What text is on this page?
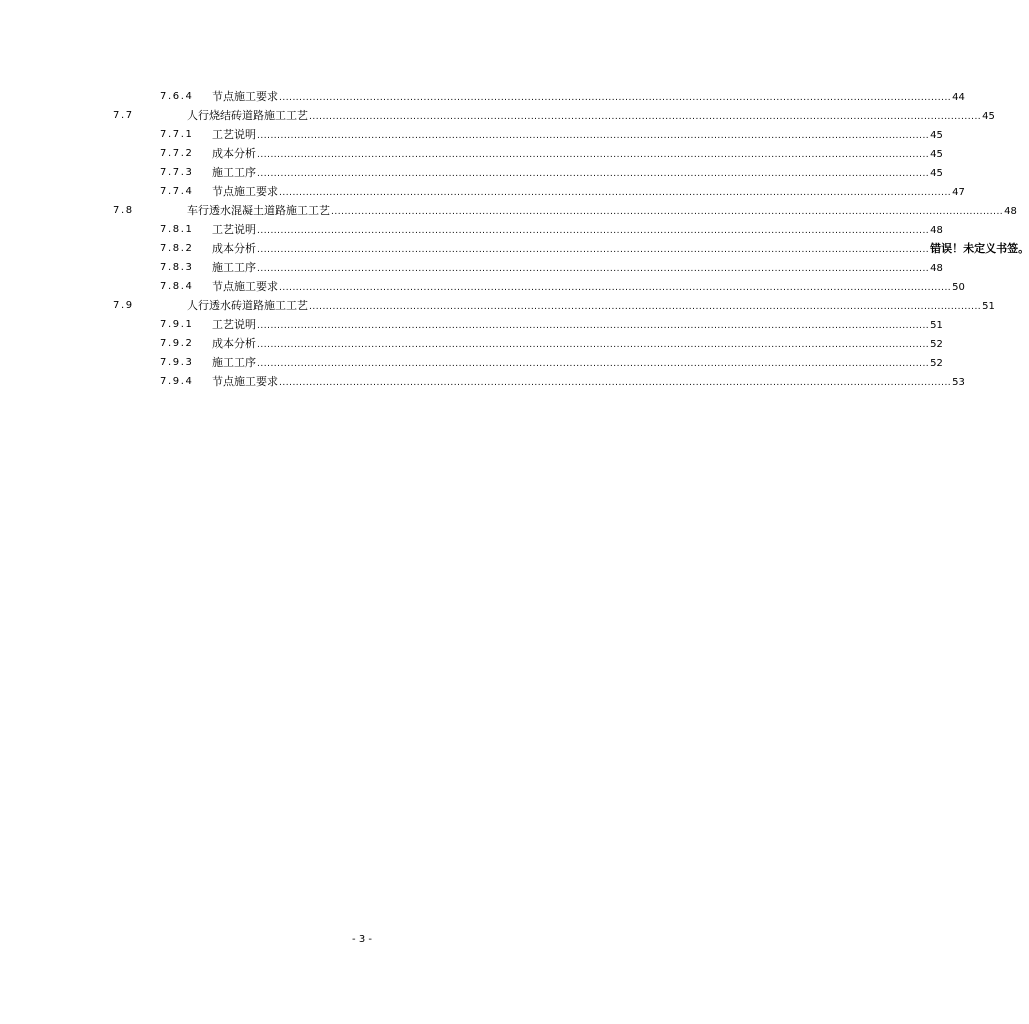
7.6.4 节点施工要求 ........................................................................................................................................................................................................ 44
7.7	人行烧结砖道路施工工艺 ........................................................................................................................................................................................................ 45
7.7.1 工艺说明 ........................................................................................................................................................................................................ 45
7.7.2 成本分析 ........................................................................................................................................................................................................ 45
7.7.3 施工工序 ........................................................................................................................................................................................................ 45
7.7.4 节点施工要求 ........................................................................................................................................................................................................ 47
7.8	车行透水混凝土道路施工工艺 ........................................................................................................................................................................................................ 48
7.8.1 工艺说明 ........................................................................................................................................................................................................ 48
7.8.2 成本分析 ........................................................................................................................................................................................................ 错误！未定义书签。
7.8.3 施工工序 ........................................................................................................................................................................................................ 48
7.8.4 节点施工要求 ........................................................................................................................................................................................................ 50
7.9	人行透水砖道路施工工艺 ........................................................................................................................................................................................................ 51
7.9.1 工艺说明 ........................................................................................................................................................................................................ 51
7.9.2 成本分析 ........................................................................................................................................................................................................ 52
7.9.3 施工工序 ........................................................................................................................................................................................................ 52
7.9.4 节点施工要求 ........................................................................................................................................................................................................ 53
- 3 -
